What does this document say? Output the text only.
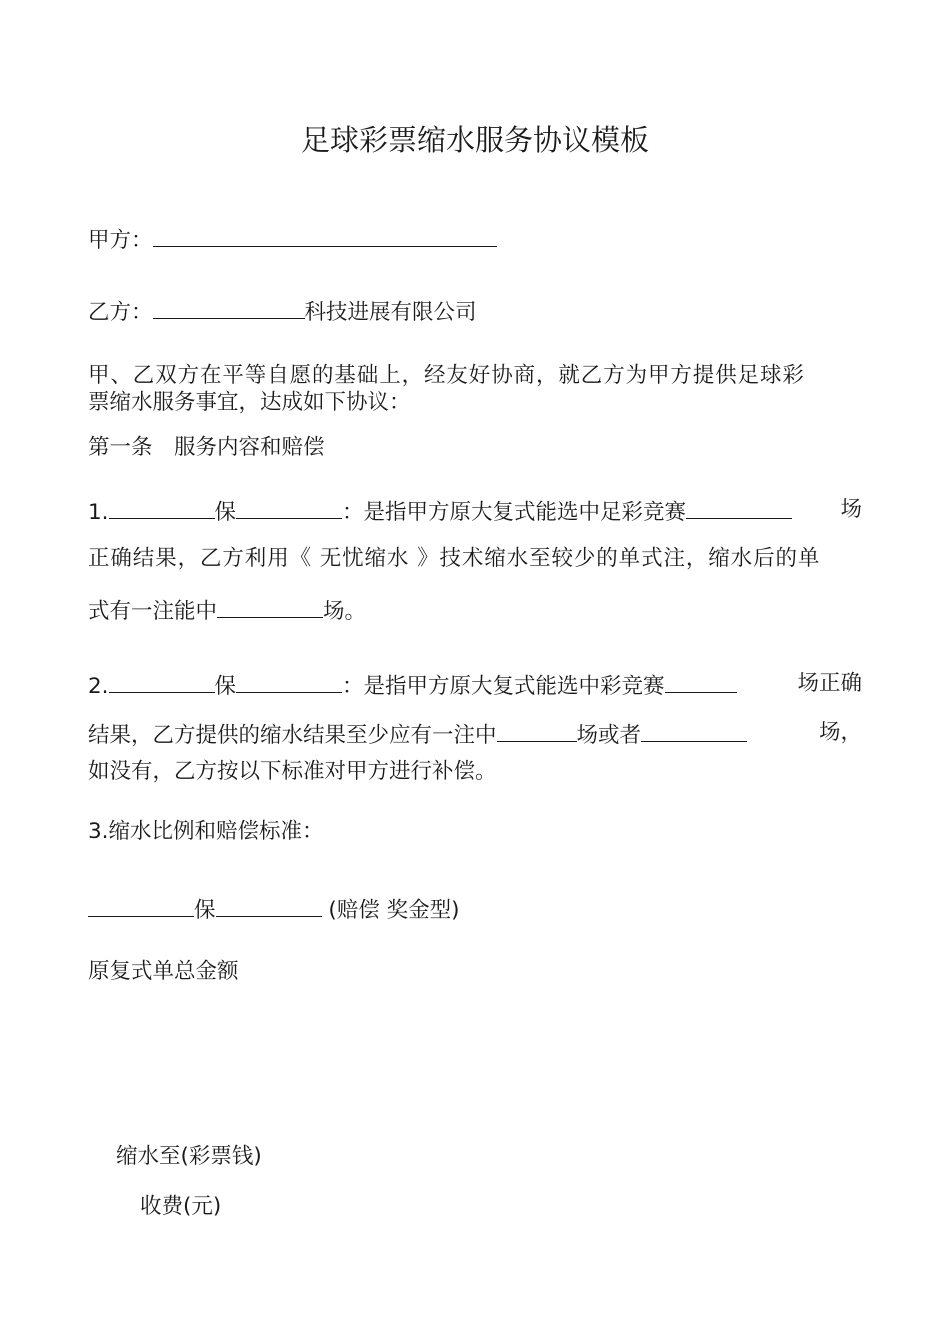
足球彩票缩水服务协议模板
甲方：
乙方：	科技进展有限公司
甲、乙双方在平等自愿的基础上，经友好协商，就乙方为甲方提供足球彩
票缩水服务事宜，达成如下协议：
第一条　服务内容和赔偿
1.	保	：是指甲方原大复式能选中足彩竞赛	场
正确结果，乙方利用《 无忧缩水 》技术缩水至较少的单式注，缩水后的单
式有一注能中	场。
2.	保	：是指甲方原大复式能选中彩竞赛	场正确
结果，乙方提供的缩水结果至少应有一注中	场或者	场，
如没有，乙方按以下标准对甲方进行补偿。
3.缩水比例和赔偿标准：
保	(赔偿 奖金型)
原复式单总金额
缩水至(彩票钱)
收费(元)
